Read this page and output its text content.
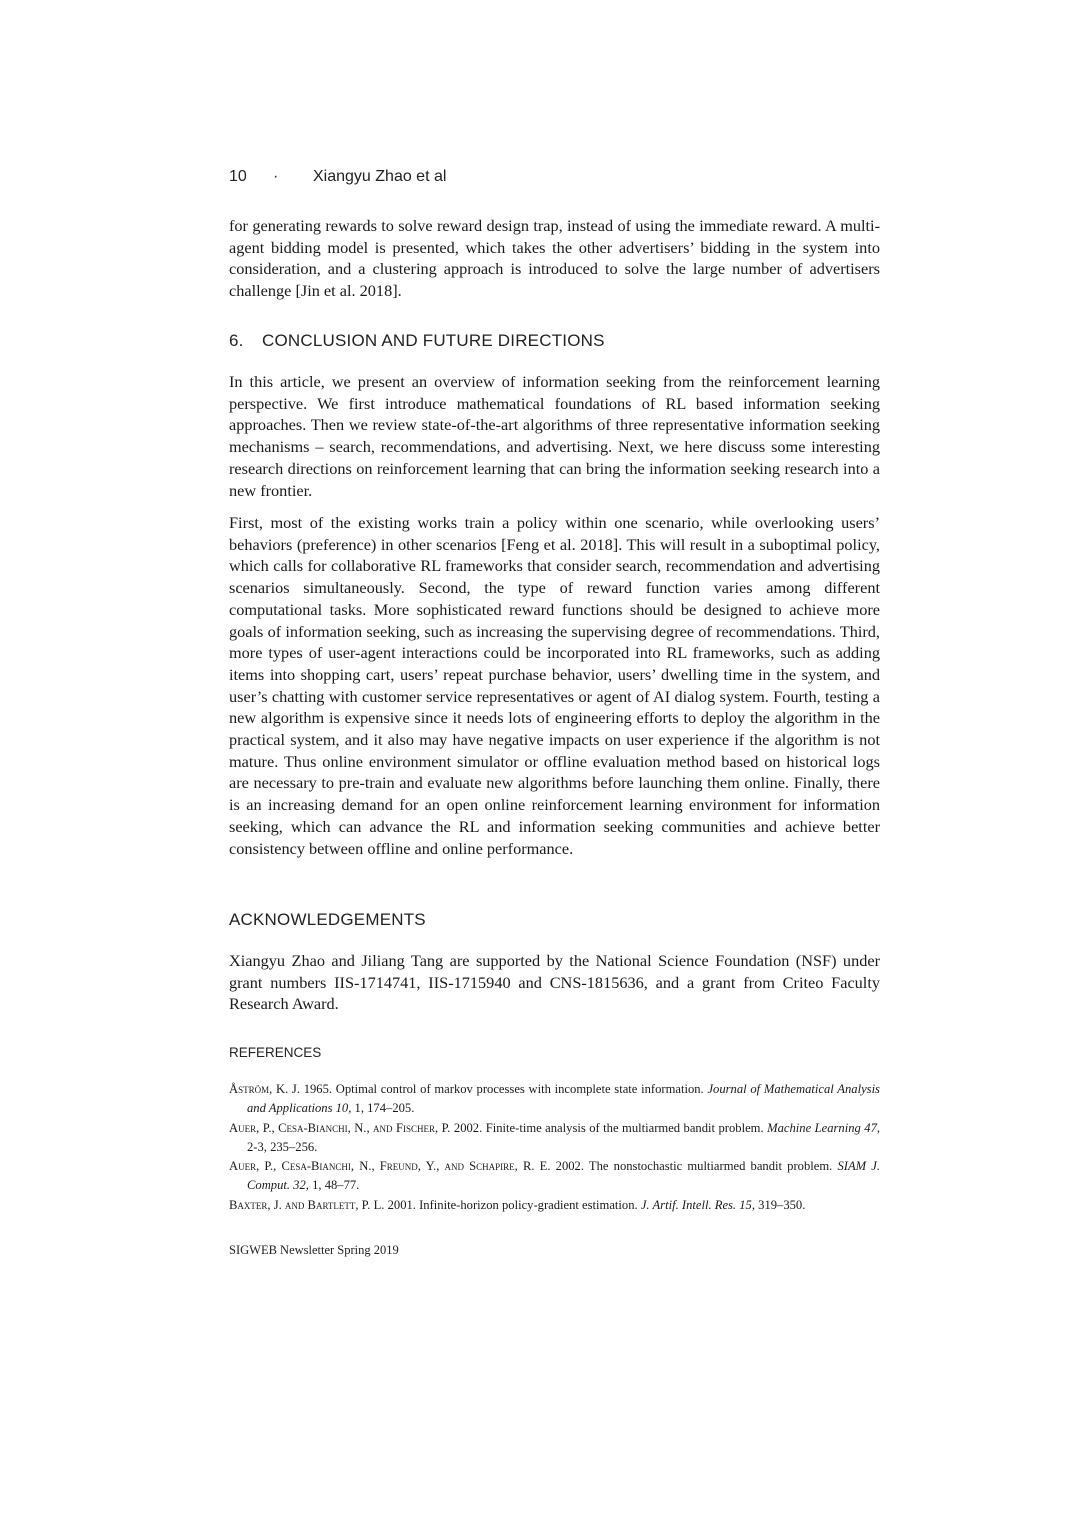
10	·	Xiangyu Zhao et al

for generating rewards to solve reward design trap, instead of using the immediate reward. A multi-agent bidding model is presented, which takes the other advertisers’ bidding in the system into consideration, and a clustering approach is introduced to solve the large number of advertisers challenge [Jin et al. 2018].

6. CONCLUSION AND FUTURE DIRECTIONS

In this article, we present an overview of information seeking from the reinforcement learning perspective. We first introduce mathematical foundations of RL based information seeking approaches. Then we review state-of-the-art algorithms of three representative information seeking mechanisms – search, recommendations, and advertising. Next, we here discuss some interesting research directions on reinforcement learning that can bring the information seeking research into a new frontier.

First, most of the existing works train a policy within one scenario, while overlooking users’ behaviors (preference) in other scenarios [Feng et al. 2018]. This will result in a suboptimal policy, which calls for collaborative RL frameworks that consider search, recommendation and advertising scenarios simultaneously. Second, the type of reward function varies among different computational tasks. More sophisticated reward functions should be designed to achieve more goals of information seeking, such as increasing the supervising degree of recommendations. Third, more types of user-agent interactions could be incorporated into RL frameworks, such as adding items into shopping cart, users’ repeat purchase behavior, users’ dwelling time in the system, and user’s chatting with customer service representatives or agent of AI dialog system. Fourth, testing a new algorithm is expensive since it needs lots of engineering efforts to deploy the algorithm in the practical system, and it also may have negative impacts on user experience if the algorithm is not mature. Thus online environment simulator or offline evaluation method based on historical logs are necessary to pre-train and evaluate new algorithms before launching them online. Finally, there is an increasing demand for an open online reinforcement learning environment for information seeking, which can advance the RL and information seeking communities and achieve better consistency between offline and online performance.

ACKNOWLEDGEMENTS

Xiangyu Zhao and Jiliang Tang are supported by the National Science Foundation (NSF) under grant numbers IIS-1714741, IIS-1715940 and CNS-1815636, and a grant from Criteo Faculty Research Award.

REFERENCES
Åström, K. J. 1965. Optimal control of markov processes with incomplete state information. Journal of Mathematical Analysis and Applications 10, 1, 174–205.
Auer, P., Cesa-Bianchi, N., and Fischer, P. 2002. Finite-time analysis of the multiarmed bandit problem. Machine Learning 47, 2-3, 235–256.
Auer, P., Cesa-Bianchi, N., Freund, Y., and Schapire, R. E. 2002. The nonstochastic multiarmed bandit problem. SIAM J. Comput. 32, 1, 48–77.
Baxter, J. and Bartlett, P. L. 2001. Infinite-horizon policy-gradient estimation. J. Artif. Intell. Res. 15, 319–350.
SIGWEB Newsletter Spring 2019
